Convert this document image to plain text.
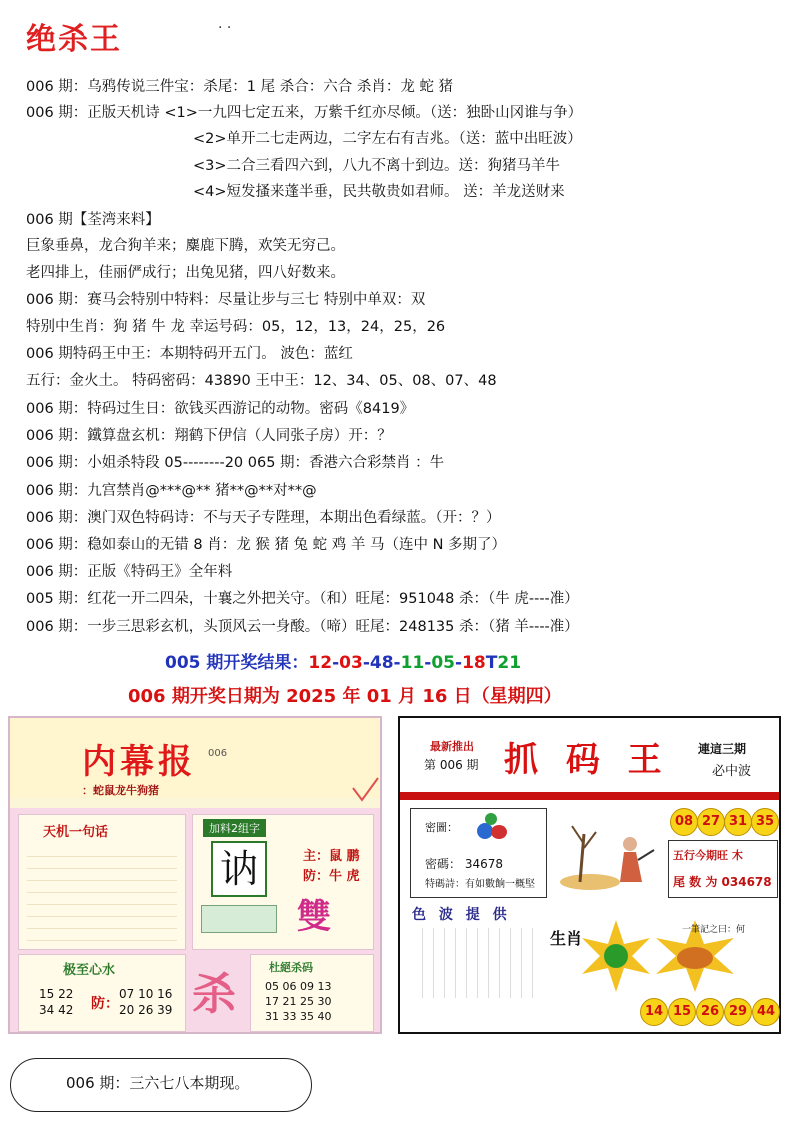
绝杀王	· ·
006 期：乌鸦传说三件宝：杀尾：1 尾 杀合：六合 杀肖：龙 蛇 猪
006 期：正版天机诗 <1>一九四七定五来，万紫千红亦尽倾。（送：独卧山冈谁与争）
<2>单开二七走两边，二字左右有吉兆。（送：蓝中出旺波）
<3>二合三看四六到，八九不离十到边。送：狗猪马羊牛
<4>短发搔来蓬半垂，民共敬贵如君师。 送：羊龙送财来
006 期【荃湾来料】
巨象垂鼻，龙合狗羊来；麋鹿下腾，欢笑无穷己。
老四排上，佳丽俨成行；出兔见猪，四八好数来。
006 期：赛马会特别中特料：尽量让步与三七 特别中单双：双
特别中生肖：狗 猪 牛 龙 幸运号码：05，12，13，24，25，26
006 期特码王中王：本期特码开五门。 波色：蓝红
五行：金火土。 特码密码：43890 王中王：12、34、05、08、07、48
006 期：特码过生日：欲钱买西游记的动物。密码《8419》
006 期：鐵算盘玄机：翔鹤下伊信（人同张子房）开：？
006 期：小姐杀特段 05--------20 065 期：香港六合彩禁肖 ：牛
006 期：九宫禁肖@***@** 猪**@**对**@
006 期：澳门双色特码诗：不与天子专陛理，本期出色看绿蓝。（开：？）
006 期：稳如泰山的无错 8 肖：龙 猴 猪 兔 蛇 鸡 羊 马（连中 N 多期了）
006 期：正版《特码王》全年料
005 期：红花一开二四朵，十襄之外把关守。（和）旺尾：951048 杀：（牛 虎----准）
006 期：一步三思彩玄机，头顶风云一身酸。（啼）旺尾：248135 杀：（猪 羊----准）
005 期开奖结果：12-03-48-11-05-18T21
006 期开奖日期为 2025 年 01 月 16 日（星期四）
内幕报 006
：蛇鼠龙牛狗猪
天机一句话	加料2组字
讷	主：鼠 鹏
防：牛 虎
雙
极至心水
15 22
34 42 防：
07 10 16
20 26 39 杀
杜絕杀码
05 06 09 13
17 21 25 30
31 33 35 40
最新推出
第 006 期 抓 码 王 連這三期
必中波
密圖：
密碼： 34678
特碼詩：有如數餉一概堅
08 27 31 35
五行今期旺 木
尾 数 为 034678
色 波 提 供
生肖	一筆記之曰：何
14 15 26 29 44
006 期：三六七八本期现。
